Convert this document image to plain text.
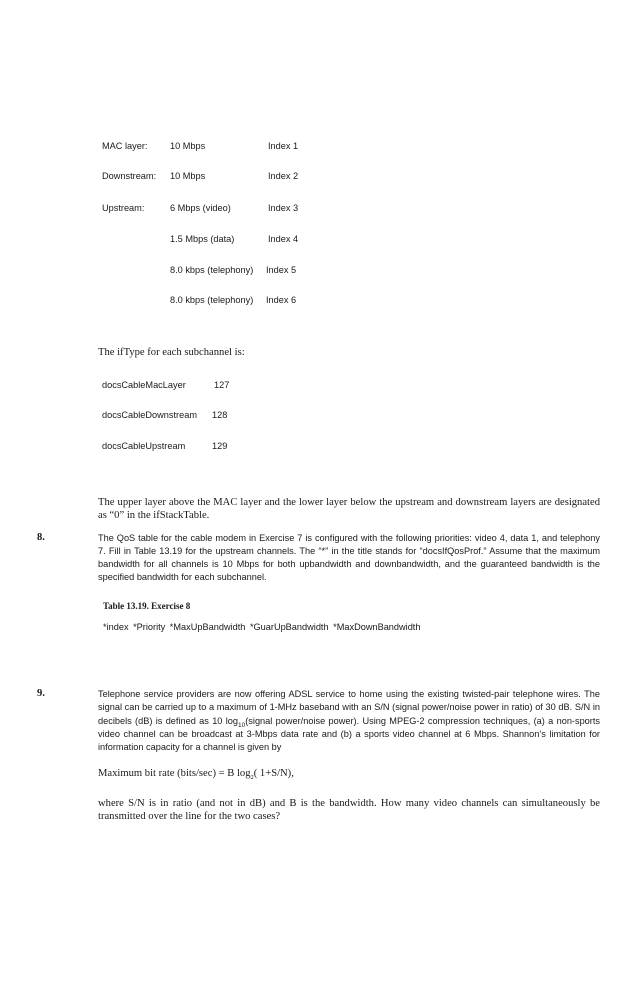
MAC layer: 10 Mbps	Index 1
Downstream: 10 Mbps	Index 2
Upstream:	6 Mbps (video)	Index 3
1.5 Mbps (data)	Index 4
8.0 kbps (telephony) Index 5
8.0 kbps (telephony) Index 6
The ifType for each subchannel is:
docsCableMacLayer	127
docsCableDownstream 128
docsCableUpstream	129
The upper layer above the MAC layer and the lower layer below the upstream and downstream layers are designated as “0” in the ifStackTable.
8.	The QoS table for the cable modem in Exercise 7 is configured with the following priorities: video 4, data 1, and telephony 7. Fill in Table 13.19 for the upstream channels. The “*” in the title stands for “docsIfQosProf.” Assume that the maximum bandwidth for all channels is 10 Mbps for both upbandwidth and downbandwidth, and the guaranteed bandwidth is the specified bandwidth for each subchannel.
Table 13.19. Exercise 8
*index *Priority *MaxUpBandwidth *GuarUpBandwidth *MaxDownBandwidth
9.	Telephone service providers are now offering ADSL service to home using the existing twisted-pair telephone wires. The signal can be carried up to a maximum of 1-MHz baseband with an S/N (signal power/noise power in ratio) of 30 dB. S/N in decibels (dB) is defined as 10 $\log_{10}(signal$ power/noise power). Using MPEG-2 compression techniques, (a) a non-sports video channel can be broadcast at 3-Mbps data rate and (b) a sports video channel at 6 Mbps. Shannon’s limitation for information capacity for a channel is given by
Maximum bit rate (bits/sec) = B $\log_2$( 1+S/N),
where S/N is in ratio (and not in dB) and B is the bandwidth. How many video channels can simultaneously be transmitted over the line for the two cases?
